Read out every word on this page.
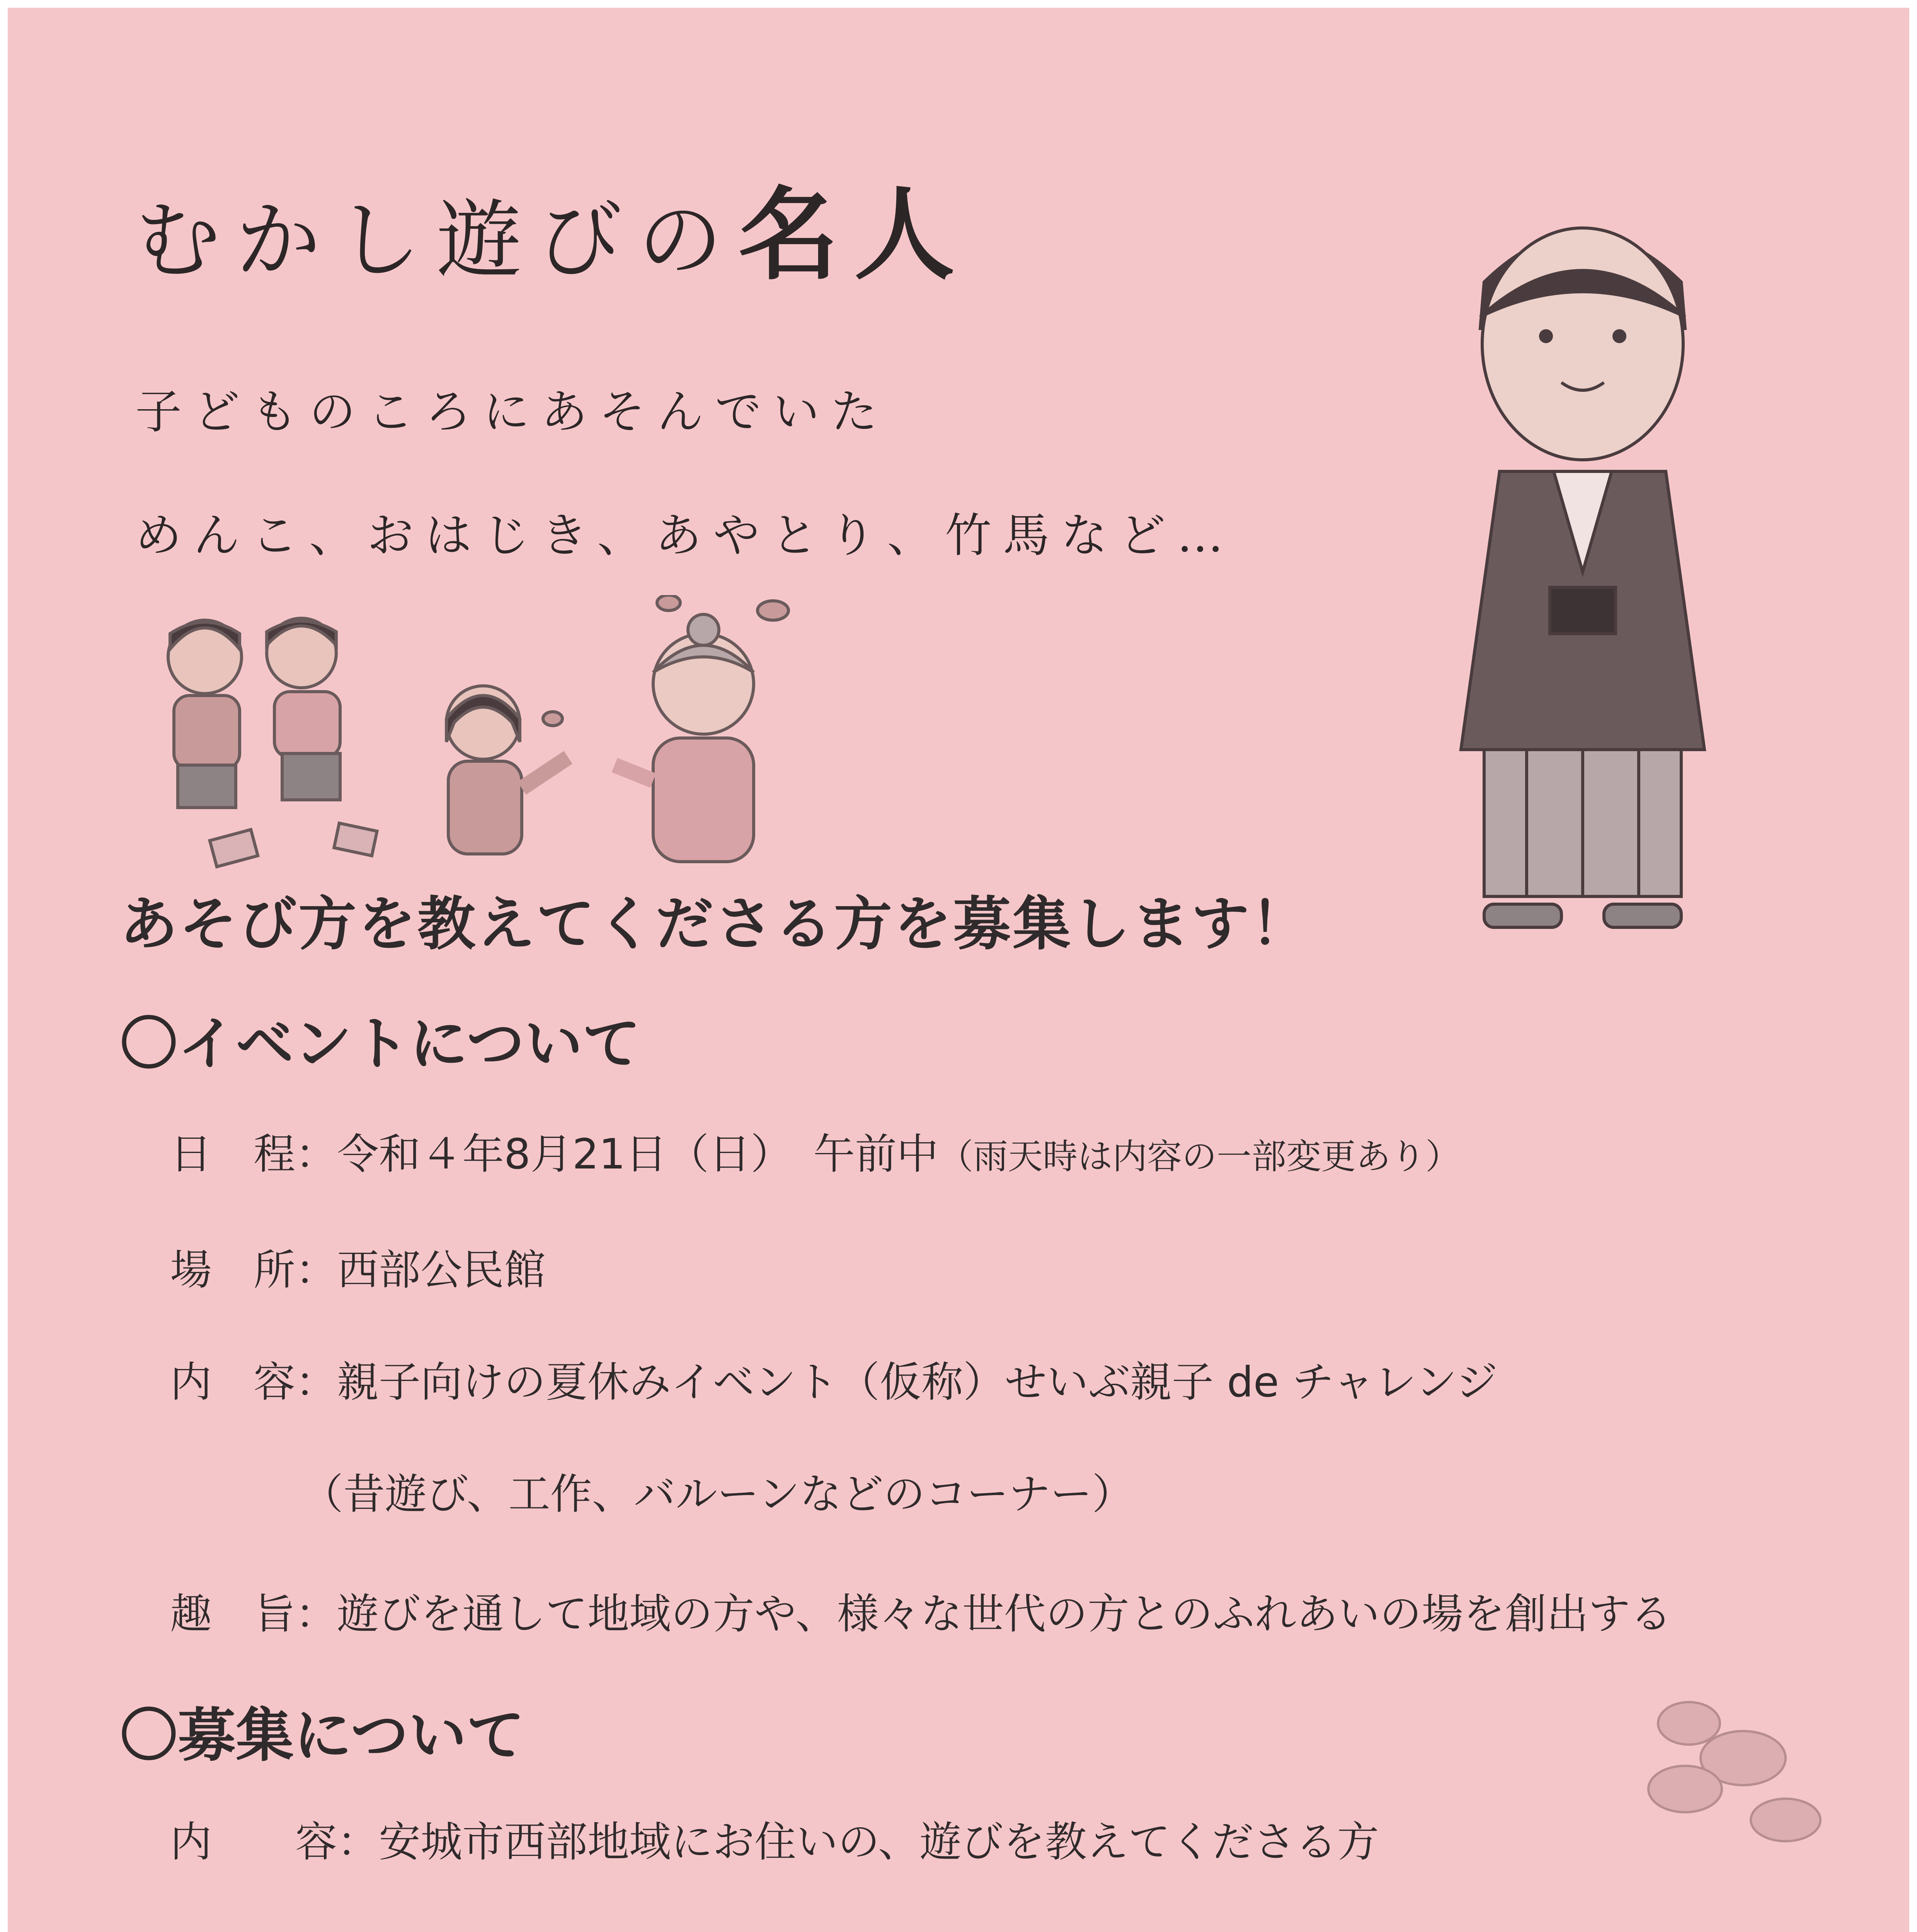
むかし遊びの名人
子どものころにあそんでいた
めんこ、おはじき、あやとり、竹馬など…
あそび方を教えてくださる方を募集します！
〇イベントについて
日　程：令和４年8月21日（日）　午前中（雨天時は内容の一部変更あり）
場　所：西部公民館
内　容：親子向けの夏休みイベント（仮称）せいぶ親子 de チャレンジ
（昔遊び、工作、バルーンなどのコーナー）
趣　旨：遊びを通して地域の方や、様々な世代の方とのふれあいの場を創出する
〇募集について
内　　容：安城市西部地域にお住いの、遊びを教えてくださる方
